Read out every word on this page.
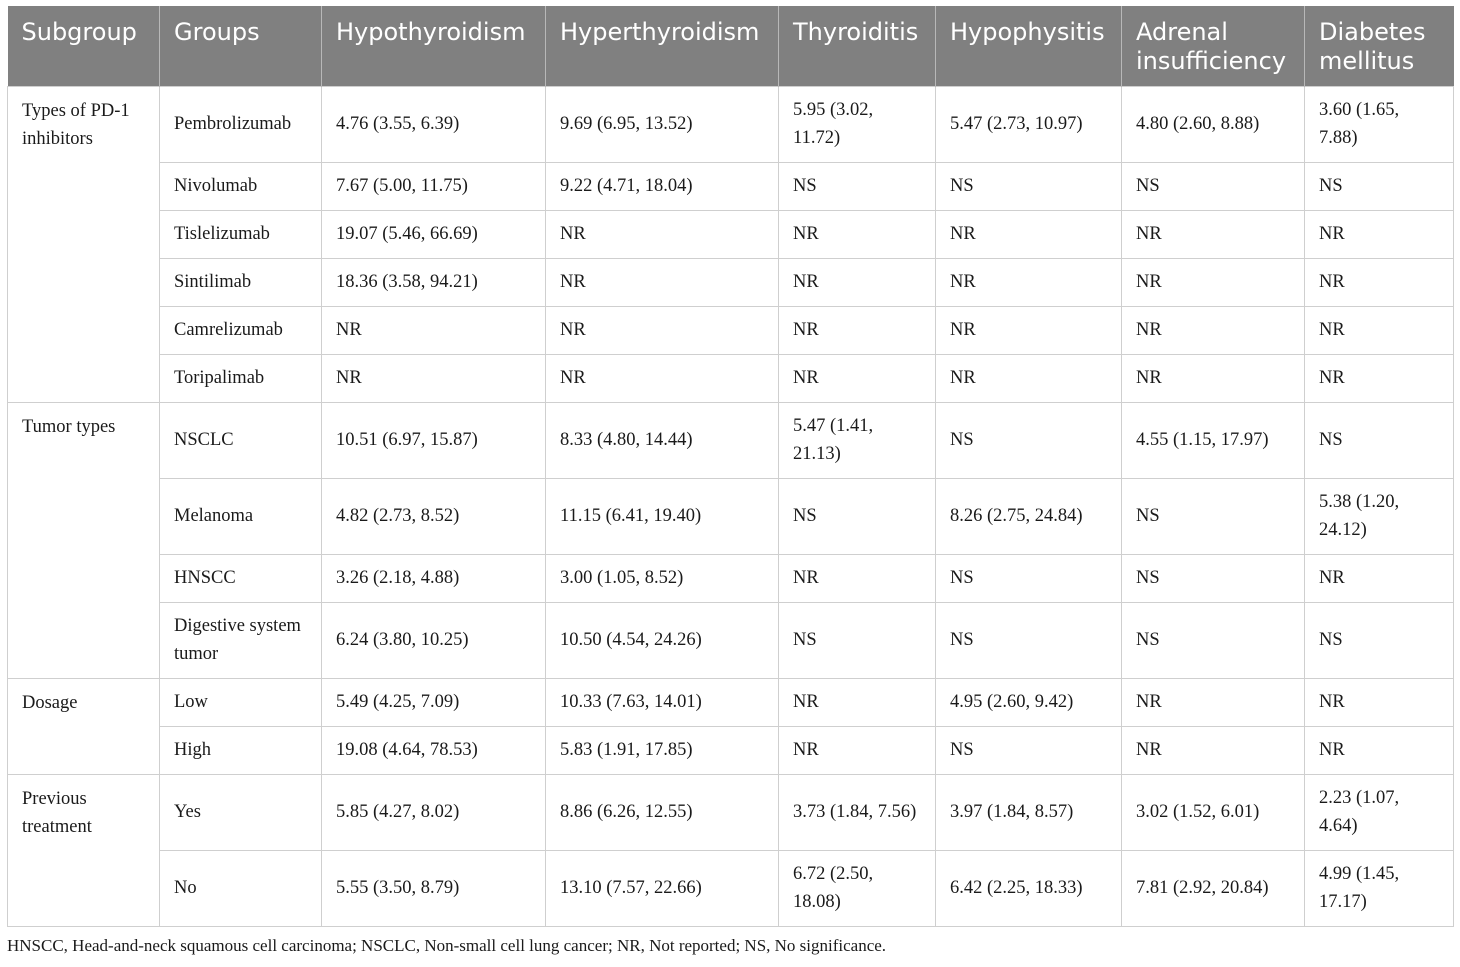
Subgroup	Groups	Hypothyroidism	Hyperthyroidism	Thyroiditis	Hypophysitis	Adrenal insufficiency	Diabetes mellitus
Types of PD-1 inhibitors	Pembrolizumab	4.76 (3.55, 6.39)	9.69 (6.95, 13.52)	5.95 (3.02, 11.72)	5.47 (2.73, 10.97)	4.80 (2.60, 8.88)	3.60 (1.65, 7.88)
	Nivolumab	7.67 (5.00, 11.75)	9.22 (4.71, 18.04)	NS	NS	NS	NS
	Tislelizumab	19.07 (5.46, 66.69)	NR	NR	NR	NR	NR
	Sintilimab	18.36 (3.58, 94.21)	NR	NR	NR	NR	NR
	Camrelizumab	NR	NR	NR	NR	NR	NR
	Toripalimab	NR	NR	NR	NR	NR	NR
Tumor types	NSCLC	10.51 (6.97, 15.87)	8.33 (4.80, 14.44)	5.47 (1.41, 21.13)	NS	4.55 (1.15, 17.97)	NS
	Melanoma	4.82 (2.73, 8.52)	11.15 (6.41, 19.40)	NS	8.26 (2.75, 24.84)	NS	5.38 (1.20, 24.12)
	HNSCC	3.26 (2.18, 4.88)	3.00 (1.05, 8.52)	NR	NS	NS	NR
	Digestive system tumor	6.24 (3.80, 10.25)	10.50 (4.54, 24.26)	NS	NS	NS	NS
Dosage	Low	5.49 (4.25, 7.09)	10.33 (7.63, 14.01)	NR	4.95 (2.60, 9.42)	NR	NR
	High	19.08 (4.64, 78.53)	5.83 (1.91, 17.85)	NR	NS	NR	NR
Previous treatment	Yes	5.85 (4.27, 8.02)	8.86 (6.26, 12.55)	3.73 (1.84, 7.56)	3.97 (1.84, 8.57)	3.02 (1.52, 6.01)	2.23 (1.07, 4.64)
	No	5.55 (3.50, 8.79)	13.10 (7.57, 22.66)	6.72 (2.50, 18.08)	6.42 (2.25, 18.33)	7.81 (2.92, 20.84)	4.99 (1.45, 17.17)
HNSCC, Head-and-neck squamous cell carcinoma; NSCLC, Non-small cell lung cancer; NR, Not reported; NS, No significance.
